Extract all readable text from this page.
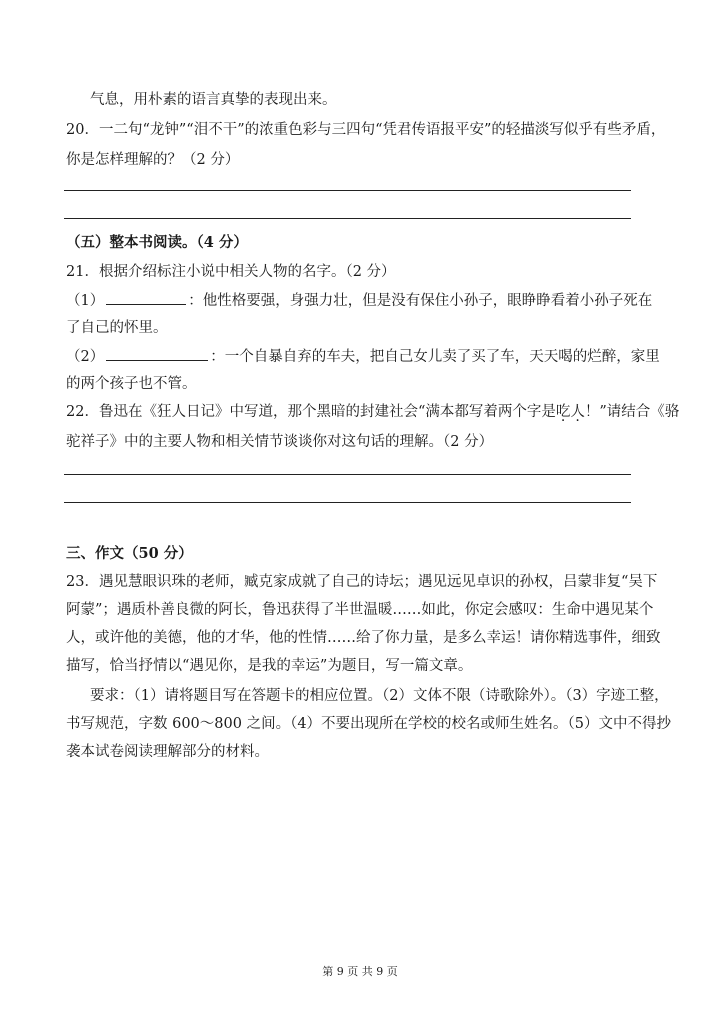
气息，用朴素的语言真挚的表现出来。
20．一二句“龙钟”“泪不干”的浓重色彩与三四句“凭君传语报平安”的轻描淡写似乎有些矛盾，
你是怎样理解的？（2 分）
（五）整本书阅读。（4 分）
21．根据介绍标注小说中相关人物的名字。（2 分）
（1）	：他性格要强，身强力壮，但是没有保住小孙子，眼睁睁看着小孙子死在
了自己的怀里。
（2）	：一个自暴自弃的车夫，把自己女儿卖了买了车，天天喝的烂醉，家里
的两个孩子也不管。
22．鲁迅在《狂人日记》中写道，那个黑暗的封建社会“满本都写着两个字是吃人！”请结合《骆
驼祥子》中的主要人物和相关情节谈谈你对这句话的理解。（2 分）
三、作文（50 分）
23．遇见慧眼识珠的老师，臧克家成就了自己的诗坛；遇见远见卓识的孙权，吕蒙非复“吴下
阿蒙”；遇质朴善良微的阿长，鲁迅获得了半世温暖……如此，你定会感叹：生命中遇见某个
人，或许他的美德，他的才华，他的性情……给了你力量，是多么幸运！请你精选事件，细致
描写，恰当抒情以“遇见你，是我的幸运”为题目，写一篇文章。
要求：（1）请将题目写在答题卡的相应位置。（2）文体不限（诗歌除外）。（3）字迹工整，
书写规范，字数 600～800 之间。（4）不要出现所在学校的校名或师生姓名。（5）文中不得抄
袭本试卷阅读理解部分的材料。
第 9 页 共 9 页
